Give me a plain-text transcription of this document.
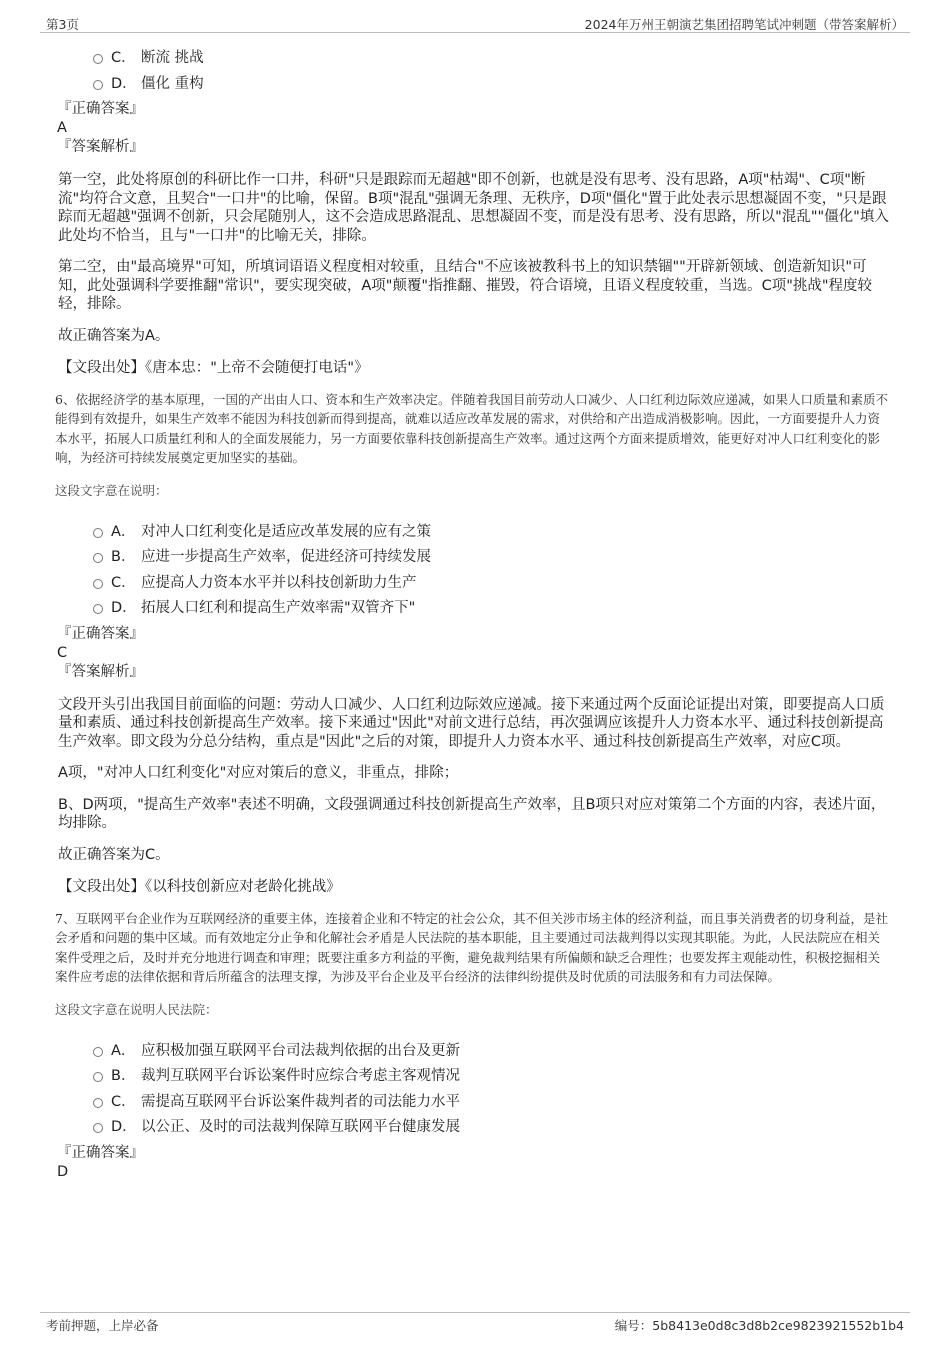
第3页	2024年万州王朝演艺集团招聘笔试冲刺题（带答案解析）
C． 断流 挑战
D． 僵化 重构

『正确答案』

A

『答案解析』

第一空，此处将原创的科研比作一口井，科研"只是跟踪而无超越"即不创新，也就是没有思考、没有思路，A项"枯竭"、C项"断流"均符合文意，且契合"一口井"的比喻，保留。B项"混乱"强调无条理、无秩序，D项"僵化"置于此处表示思想凝固不变，"只是跟踪而无超越"强调不创新，只会尾随别人，这不会造成思路混乱、思想凝固不变，而是没有思考、没有思路，所以"混乱""僵化"填入此处均不恰当，且与"一口井"的比喻无关，排除。

第二空，由"最高境界"可知，所填词语语义程度相对较重，且结合"不应该被教科书上的知识禁锢""开辟新领域、创造新知识"可知，此处强调科学要推翻"常识"，要实现突破，A项"颠覆"指推翻、摧毁，符合语境，且语义程度较重，当选。C项"挑战"程度较轻，排除。

故正确答案为A。

【文段出处】《唐本忠："上帝不会随便打电话"》

6、依据经济学的基本原理，一国的产出由人口、资本和生产效率决定。伴随着我国目前劳动人口减少、人口红利边际效应递减，如果人口质量和素质不能得到有效提升，如果生产效率不能因为科技创新而得到提高，就难以适应改革发展的需求，对供给和产出造成消极影响。因此，一方面要提升人力资本水平，拓展人口质量红利和人的全面发展能力，另一方面要依靠科技创新提高生产效率。通过这两个方面来提质增效，能更好对冲人口红利变化的影响，为经济可持续发展奠定更加坚实的基础。

这段文字意在说明：

A． 对冲人口红利变化是适应改革发展的应有之策
B． 应进一步提高生产效率，促进经济可持续发展
C． 应提高人力资本水平并以科技创新助力生产
D． 拓展人口红利和提高生产效率需"双管齐下"

『正确答案』

C

『答案解析』

文段开头引出我国目前面临的问题：劳动人口减少、人口红利边际效应递减。接下来通过两个反面论证提出对策，即要提高人口质量和素质、通过科技创新提高生产效率。接下来通过"因此"对前文进行总结，再次强调应该提升人力资本水平、通过科技创新提高生产效率。即文段为分总分结构，重点是"因此"之后的对策，即提升人力资本水平、通过科技创新提高生产效率，对应C项。

A项，"对冲人口红利变化"对应对策后的意义，非重点，排除；

B、D两项，"提高生产效率"表述不明确，文段强调通过科技创新提高生产效率，且B项只对应对策第二个方面的内容，表述片面，均排除。

故正确答案为C。

【文段出处】《以科技创新应对老龄化挑战》

7、互联网平台企业作为互联网经济的重要主体，连接着企业和不特定的社会公众，其不但关涉市场主体的经济利益，而且事关消费者的切身利益，是社会矛盾和问题的集中区域。而有效地定分止争和化解社会矛盾是人民法院的基本职能，且主要通过司法裁判得以实现其职能。为此，人民法院应在相关案件受理之后，及时并充分地进行调查和审理；既要注重多方利益的平衡，避免裁判结果有所偏颇和缺乏合理性；也要发挥主观能动性，积极挖掘相关案件应考虑的法律依据和背后所蕴含的法理支撑，为涉及平台企业及平台经济的法律纠纷提供及时优质的司法服务和有力司法保障。

这段文字意在说明人民法院：

A． 应积极加强互联网平台司法裁判依据的出台及更新
B． 裁判互联网平台诉讼案件时应综合考虑主客观情况
C． 需提高互联网平台诉讼案件裁判者的司法能力水平
D． 以公正、及时的司法裁判保障互联网平台健康发展

『正确答案』

D

考前押题，上岸必备	编号：5b8413e0d8c3d8b2ce9823921552b1b4
